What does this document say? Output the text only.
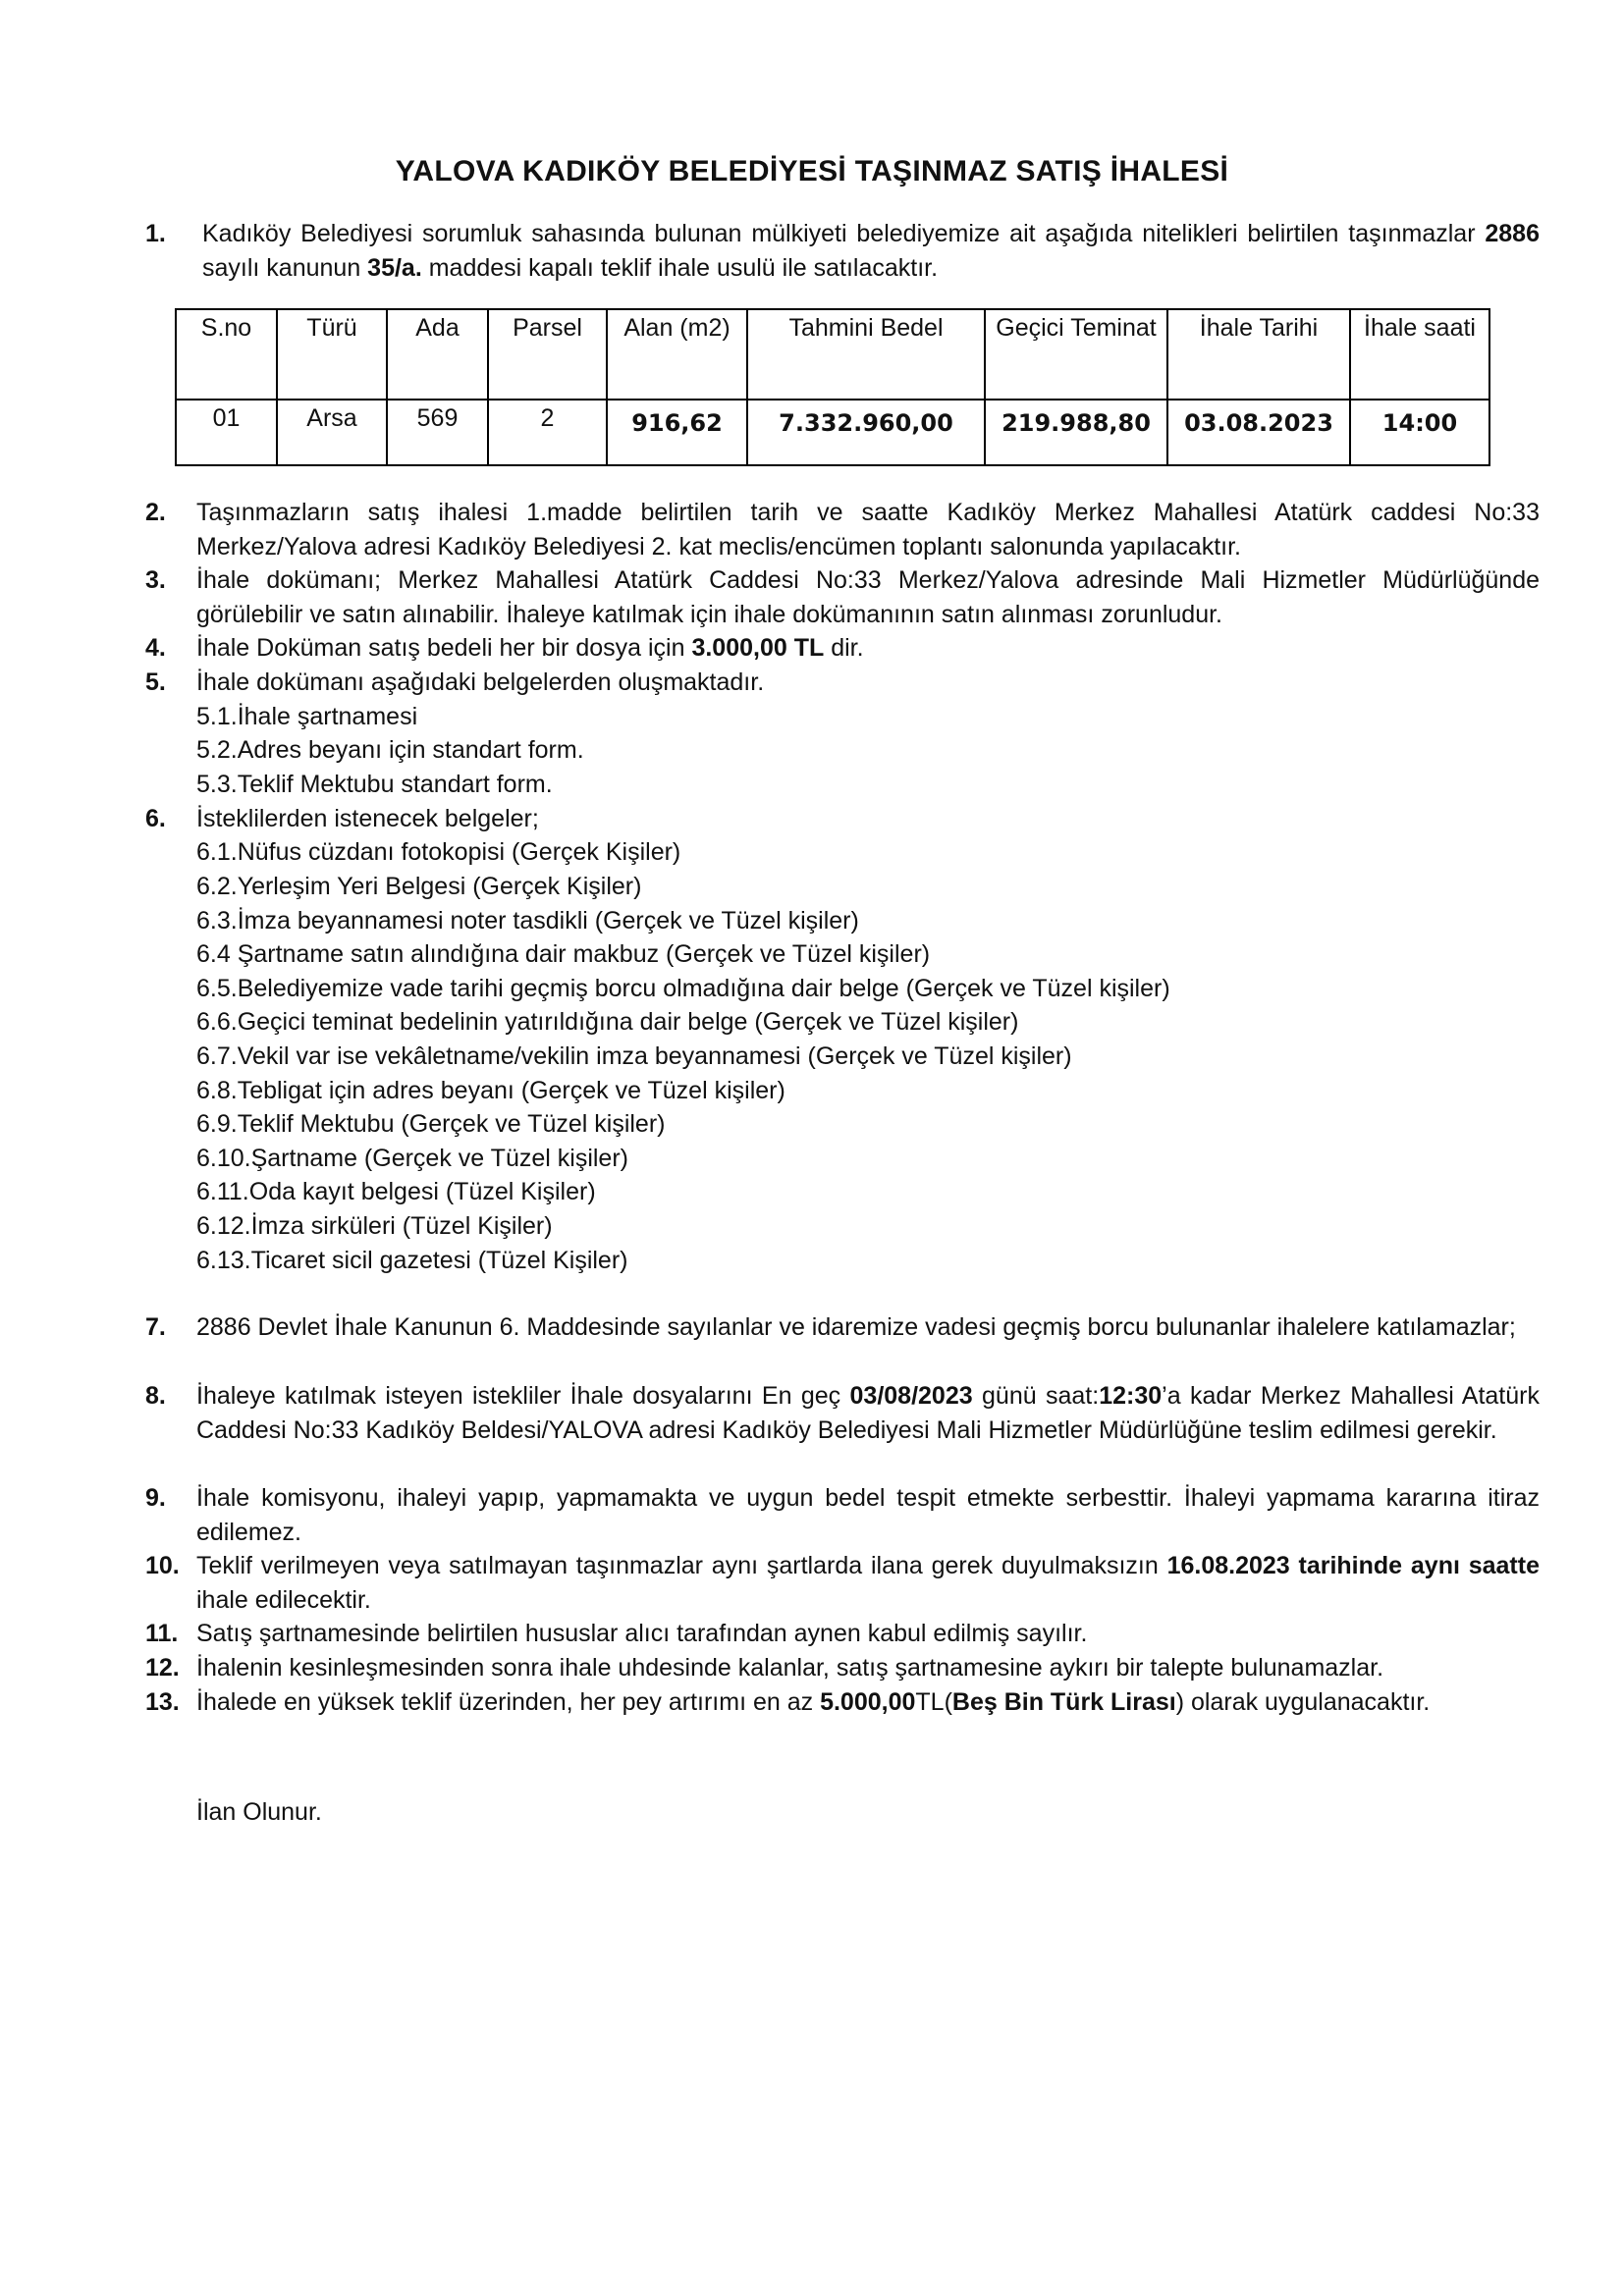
YALOVA KADIKÖY BELEDİYESİ TAŞINMAZ SATIŞ İHALESİ
1. Kadıköy Belediyesi sorumluk sahasında bulunan mülkiyeti belediyemize ait aşağıda nitelikleri belirtilen taşınmazlar 2886 sayılı kanunun 35/a. maddesi kapalı teklif ihale usulü ile satılacaktır.
S.no	Türü	Ada	Parsel	Alan (m2)	Tahmini Bedel	Geçici Teminat	İhale Tarihi	İhale saati
01	Arsa	569	2	916,62	7.332.960,00	219.988,80	03.08.2023	14:00
2. Taşınmazların satış ihalesi 1.madde belirtilen tarih ve saatte Kadıköy Merkez Mahallesi Atatürk caddesi No:33 Merkez/Yalova adresi Kadıköy Belediyesi 2. kat meclis/encümen toplantı salonunda yapılacaktır.
3. İhale dokümanı; Merkez Mahallesi Atatürk Caddesi No:33 Merkez/Yalova adresinde Mali Hizmetler Müdürlüğünde görülebilir ve satın alınabilir. İhaleye katılmak için ihale dokümanının satın alınması zorunludur.
4. İhale Doküman satış bedeli her bir dosya için 3.000,00 TL dir.
5. İhale dokümanı aşağıdaki belgelerden oluşmaktadır.
5.1.İhale şartnamesi
5.2.Adres beyanı için standart form.
5.3.Teklif Mektubu standart form.
6. İsteklilerden istenecek belgeler;
6.1.Nüfus cüzdanı fotokopisi (Gerçek Kişiler)
6.2.Yerleşim Yeri Belgesi (Gerçek Kişiler)
6.3.İmza beyannamesi noter tasdikli (Gerçek ve Tüzel kişiler)
6.4 Şartname satın alındığına dair makbuz (Gerçek ve Tüzel kişiler)
6.5.Belediyemize vade tarihi geçmiş borcu olmadığına dair belge (Gerçek ve Tüzel kişiler)
6.6.Geçici teminat bedelinin yatırıldığına dair belge (Gerçek ve Tüzel kişiler)
6.7.Vekil var ise vekâletname/vekilin imza beyannamesi (Gerçek ve Tüzel kişiler)
6.8.Tebligat için adres beyanı (Gerçek ve Tüzel kişiler)
6.9.Teklif Mektubu (Gerçek ve Tüzel kişiler)
6.10.Şartname (Gerçek ve Tüzel kişiler)
6.11.Oda kayıt belgesi (Tüzel Kişiler)
6.12.İmza sirküleri (Tüzel Kişiler)
6.13.Ticaret sicil gazetesi (Tüzel Kişiler)
7. 2886 Devlet İhale Kanunun 6. Maddesinde sayılanlar ve idaremize vadesi geçmiş borcu bulunanlar ihalelere katılamazlar;
8. İhaleye katılmak isteyen istekliler İhale dosyalarını En geç 03/08/2023 günü saat:12:30’a kadar Merkez Mahallesi Atatürk Caddesi No:33 Kadıköy Beldesi/YALOVA adresi Kadıköy Belediyesi Mali Hizmetler Müdürlüğüne teslim edilmesi gerekir.
9. İhale komisyonu, ihaleyi yapıp, yapmamakta ve uygun bedel tespit etmekte serbesttir. İhaleyi yapmama kararına itiraz edilemez.
10. Teklif verilmeyen veya satılmayan taşınmazlar aynı şartlarda ilana gerek duyulmaksızın 16.08.2023 tarihinde aynı saatte ihale edilecektir.
11. Satış şartnamesinde belirtilen hususlar alıcı tarafından aynen kabul edilmiş sayılır.
12. İhalenin kesinleşmesinden sonra ihale uhdesinde kalanlar, satış şartnamesine aykırı bir talepte bulunamazlar.
13. İhalede en yüksek teklif üzerinden, her pey artırımı en az 5.000,00TL(Beş Bin Türk Lirası) olarak uygulanacaktır.
İlan Olunur.
